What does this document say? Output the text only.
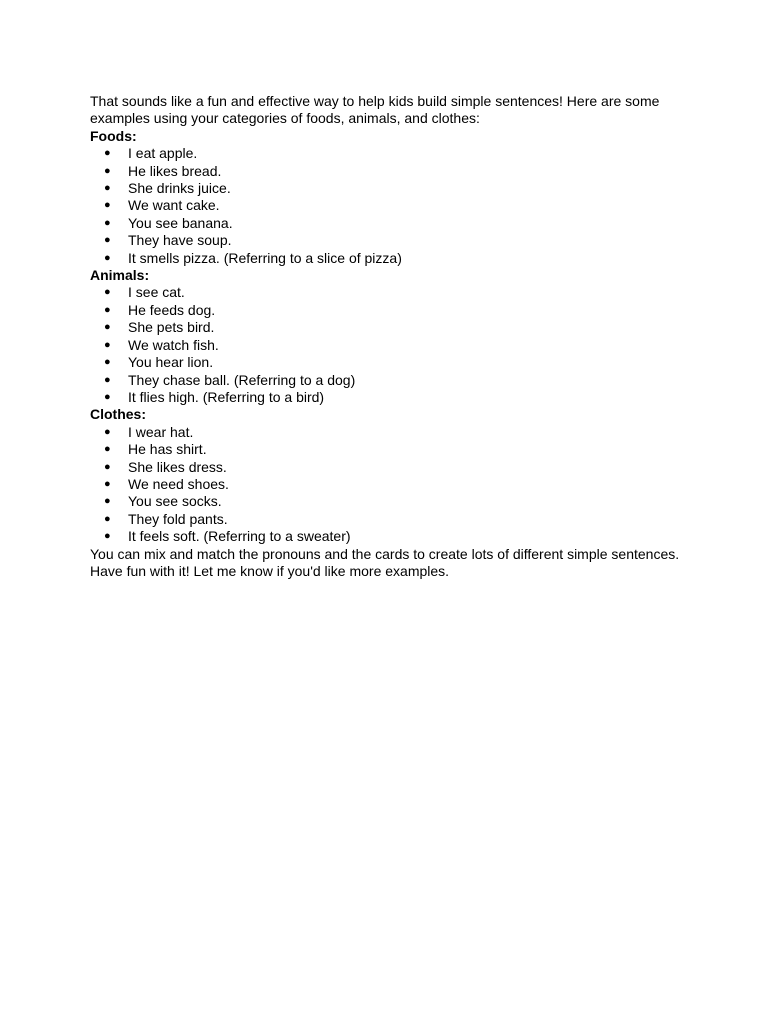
That sounds like a fun and effective way to help kids build simple sentences! Here are some examples using your categories of foods, animals, and clothes:

Foods:

● I eat apple.
● He likes bread.
● She drinks juice.
● We want cake.
● You see banana.
● They have soup.
● It smells pizza. (Referring to a slice of pizza)

Animals:

● I see cat.
● He feeds dog.
● She pets bird.
● We watch fish.
● You hear lion.
● They chase ball. (Referring to a dog)
● It flies high. (Referring to a bird)

Clothes:

● I wear hat.
● He has shirt.
● She likes dress.
● We need shoes.
● You see socks.
● They fold pants.
● It feels soft. (Referring to a sweater)

You can mix and match the pronouns and the cards to create lots of different simple sentences.

Have fun with it! Let me know if you'd like more examples.
